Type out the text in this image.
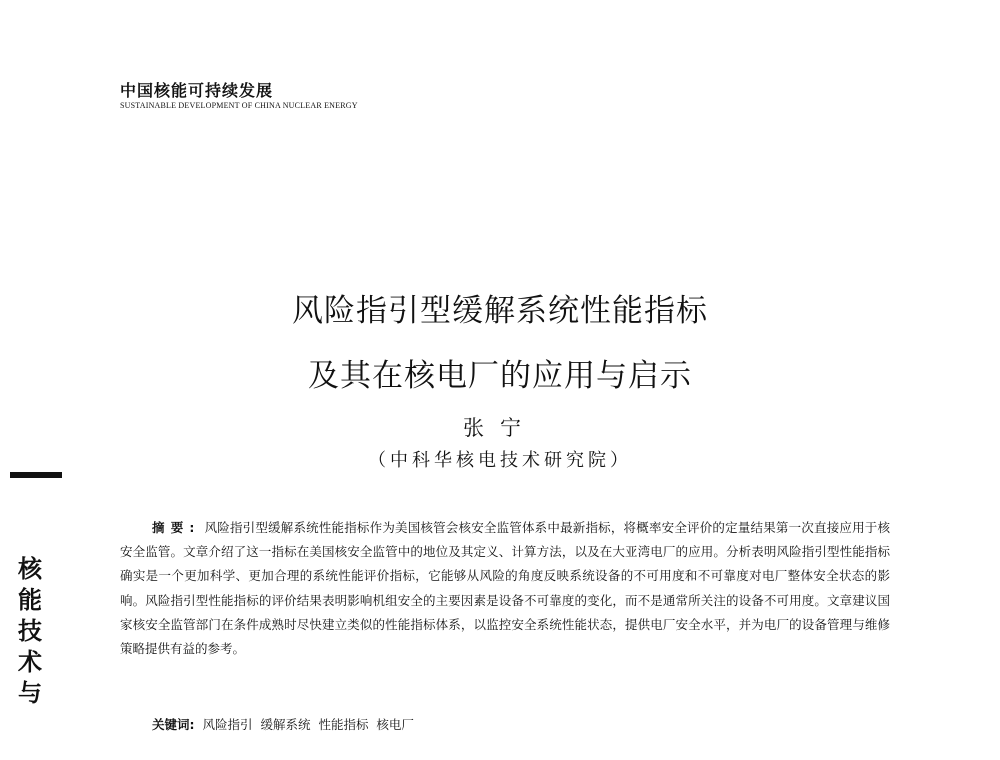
中国核能可持续发展
SUSTAINABLE DEVELOPMENT OF CHINA NUCLEAR ENERGY
风险指引型缓解系统性能指标
及其在核电厂的应用与启示
张宁
（中科华核电技术研究院）
核
能
技
术
与

摘要: 风险指引型缓解系统性能指标作为美国核管会核安全监管体系中最新指标，将概率安全评价的定量结果第一次直接应用于核安全监管。文章介绍了这一指标在美国核安全监管中的地位及其定义、计算方法，以及在大亚湾电厂的应用。分析表明风险指引型性能指标确实是一个更加科学、更加合理的系统性能评价指标，它能够从风险的角度反映系统设备的不可用度和不可靠度对电厂整体安全状态的影响。风险指引型性能指标的评价结果表明影响机组安全的主要因素是设备不可靠度的变化，而不是通常所关注的设备不可用度。文章建议国家核安全监管部门在条件成熟时尽快建立类似的性能指标体系，以监控安全系统性能状态，提供电厂安全水平，并为电厂的设备管理与维修策略提供有益的参考。

关键词: 风险指引 缓解系统 性能指标 核电厂
